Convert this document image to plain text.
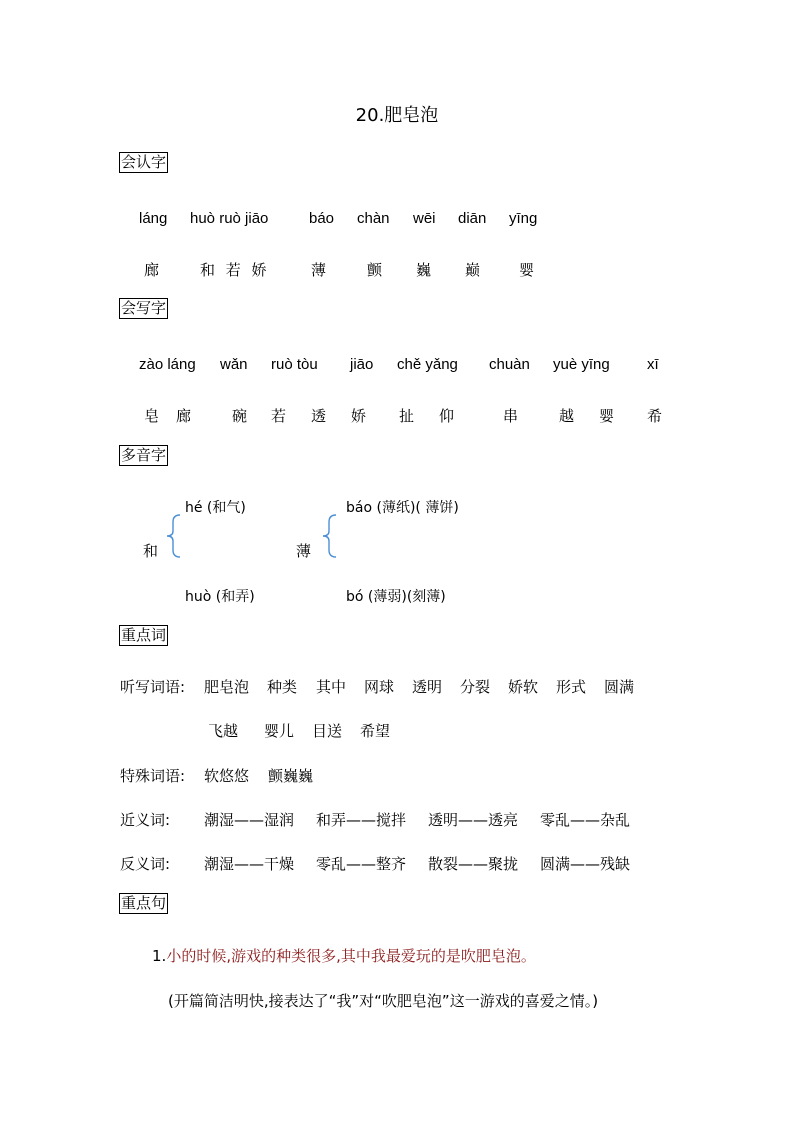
20.肥皂泡
会认字
láng huò ruò jiāo	báo chàn wēi diān yīng
廊	和 若 娇	薄	颤 巍 巅	婴
会写字
zào láng wǎn ruò tòu jiāo chě yǎng chuàn yuè yīng xī
皂 廊	碗 若 透 娇 扯 仰	串	越 婴 希
多音字
hé (和气)
和
huò (和弄)
báo (薄纸)( 薄饼)
薄
bó (薄弱)(刻薄)
重点词
听写词语: 肥皂泡 种类 其中 网球 透明 分裂 娇软 形式 圆满
飞越 婴儿 目送 希望
特殊词语: 软悠悠 颤巍巍
近义词: 潮湿——湿润 和弄——搅拌 透明——透亮 零乱——杂乱
反义词: 潮湿——干燥 零乱——整齐 散裂——聚拢 圆满——残缺
重点句
1.小的时候,游戏的种类很多,其中我最爱玩的是吹肥皂泡。
(开篇简洁明快,接表达了“我”对“吹肥皂泡”这一游戏的喜爱之情。)
